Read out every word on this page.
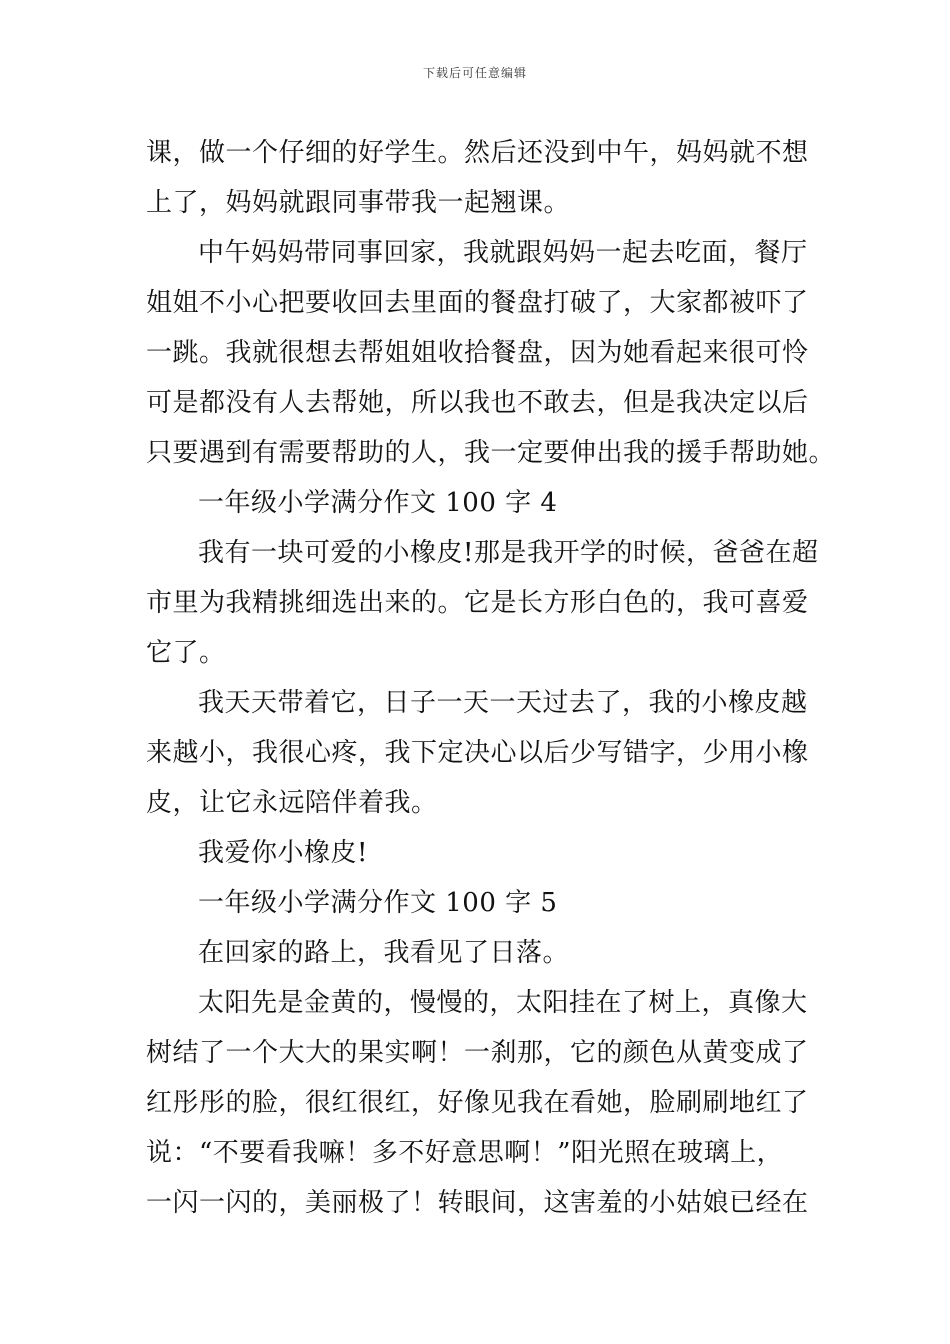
下载后可任意编辑
课，做一个仔细的好学生。然后还没到中午，妈妈就不想
上了，妈妈就跟同事带我一起翘课。
中午妈妈带同事回家，我就跟妈妈一起去吃面，餐厅
姐姐不小心把要收回去里面的餐盘打破了，大家都被吓了
一跳。我就很想去帮姐姐收拾餐盘，因为她看起来很可怜
可是都没有人去帮她，所以我也不敢去，但是我决定以后
只要遇到有需要帮助的人，我一定要伸出我的援手帮助她。
一年级小学满分作文 100 字 4
我有一块可爱的小橡皮!那是我开学的时候，爸爸在超
市里为我精挑细选出来的。它是长方形白色的，我可喜爱
它了。
我天天带着它，日子一天一天过去了，我的小橡皮越
来越小，我很心疼，我下定决心以后少写错字，少用小橡
皮，让它永远陪伴着我。
我爱你小橡皮!
一年级小学满分作文 100 字 5
在回家的路上，我看见了日落。
太阳先是金黄的，慢慢的，太阳挂在了树上，真像大
树结了一个大大的果实啊！一刹那，它的颜色从黄变成了
红彤彤的脸，很红很红，好像见我在看她，脸刷刷地红了
说：“不要看我嘛！多不好意思啊！”阳光照在玻璃上，
一闪一闪的，美丽极了！转眼间，这害羞的小姑娘已经在
